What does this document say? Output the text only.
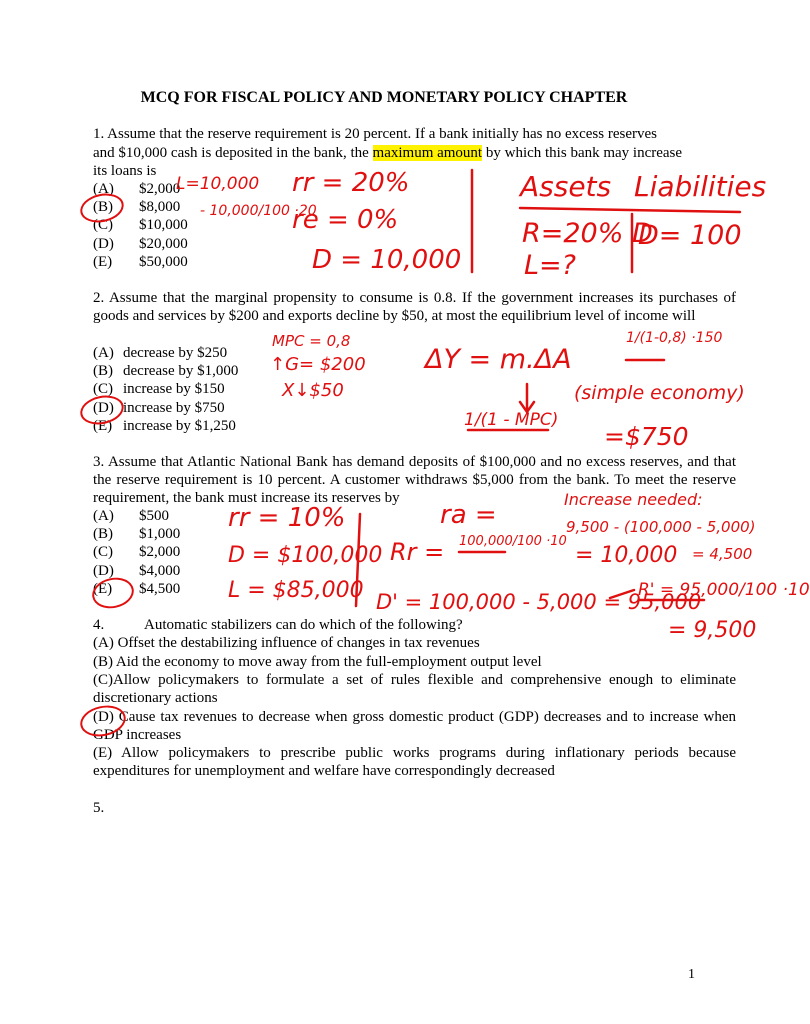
MCQ FOR FISCAL POLICY AND MONETARY POLICY CHAPTER
1. Assume that the reserve requirement is 20 percent. If a bank initially has no excess reserves
and $10,000 cash is deposited in the bank, the maximum amount by which this bank may increase
its loans is
(A) $2,000
(B) $8,000
(C) $10,000
(D) $20,000
(E) $50,000
2. Assume that the marginal propensity to consume is 0.8. If the government increases its purchases of goods and services by $200 and exports decline by $50, at most the equilibrium level of income will
(A) decrease by $250
(B) decrease by $1,000
(C) increase by $150
(D) increase by $750
(E) increase by $1,250
3. Assume that Atlantic National Bank has demand deposits of $100,000 and no excess reserves, and that the reserve requirement is 10 percent. A customer withdraws $5,000 from the bank. To meet the reserve requirement, the bank must increase its reserves by
(A) $500
(B) $1,000
(C) $2,000
(D) $4,000
(E) $4,500
4.	Automatic stabilizers can do which of the following?
(A) Offset the destabilizing influence of changes in tax revenues
(B) Aid the economy to move away from the full-employment output level
(C)Allow policymakers to formulate a set of rules flexible and comprehensive enough to eliminate discretionary actions
(D) Cause tax revenues to decrease when gross domestic product (GDP) decreases and to increase when GDP increases
(E) Allow policymakers to prescribe public works programs during inflationary periods because expenditures for unemployment and welfare have correspondingly decreased
5.
1
L=10,000
- 10,000/100 ·20
rr = 20%
re = 0%
D = 10,000
Assets Liabilities
R=20% D
D= 100
L=?
MPC = 0,8
↑G= $200
X↓$50
ΔY = m.ΔA
1/(1-0,8) ·150
(simple economy)
1/(1 - MPC)
=$750
Increase needed:
9,500 - (100,000 - 5,000)
= 4,500
rr = 10%
D = $100,000
L = $85,000
ra =
Rr = 100,000/100 ·10
= 10,000
D' = 100,000 - 5,000 = 95,000
R' = 95,000/100 ·10
= 9,500
